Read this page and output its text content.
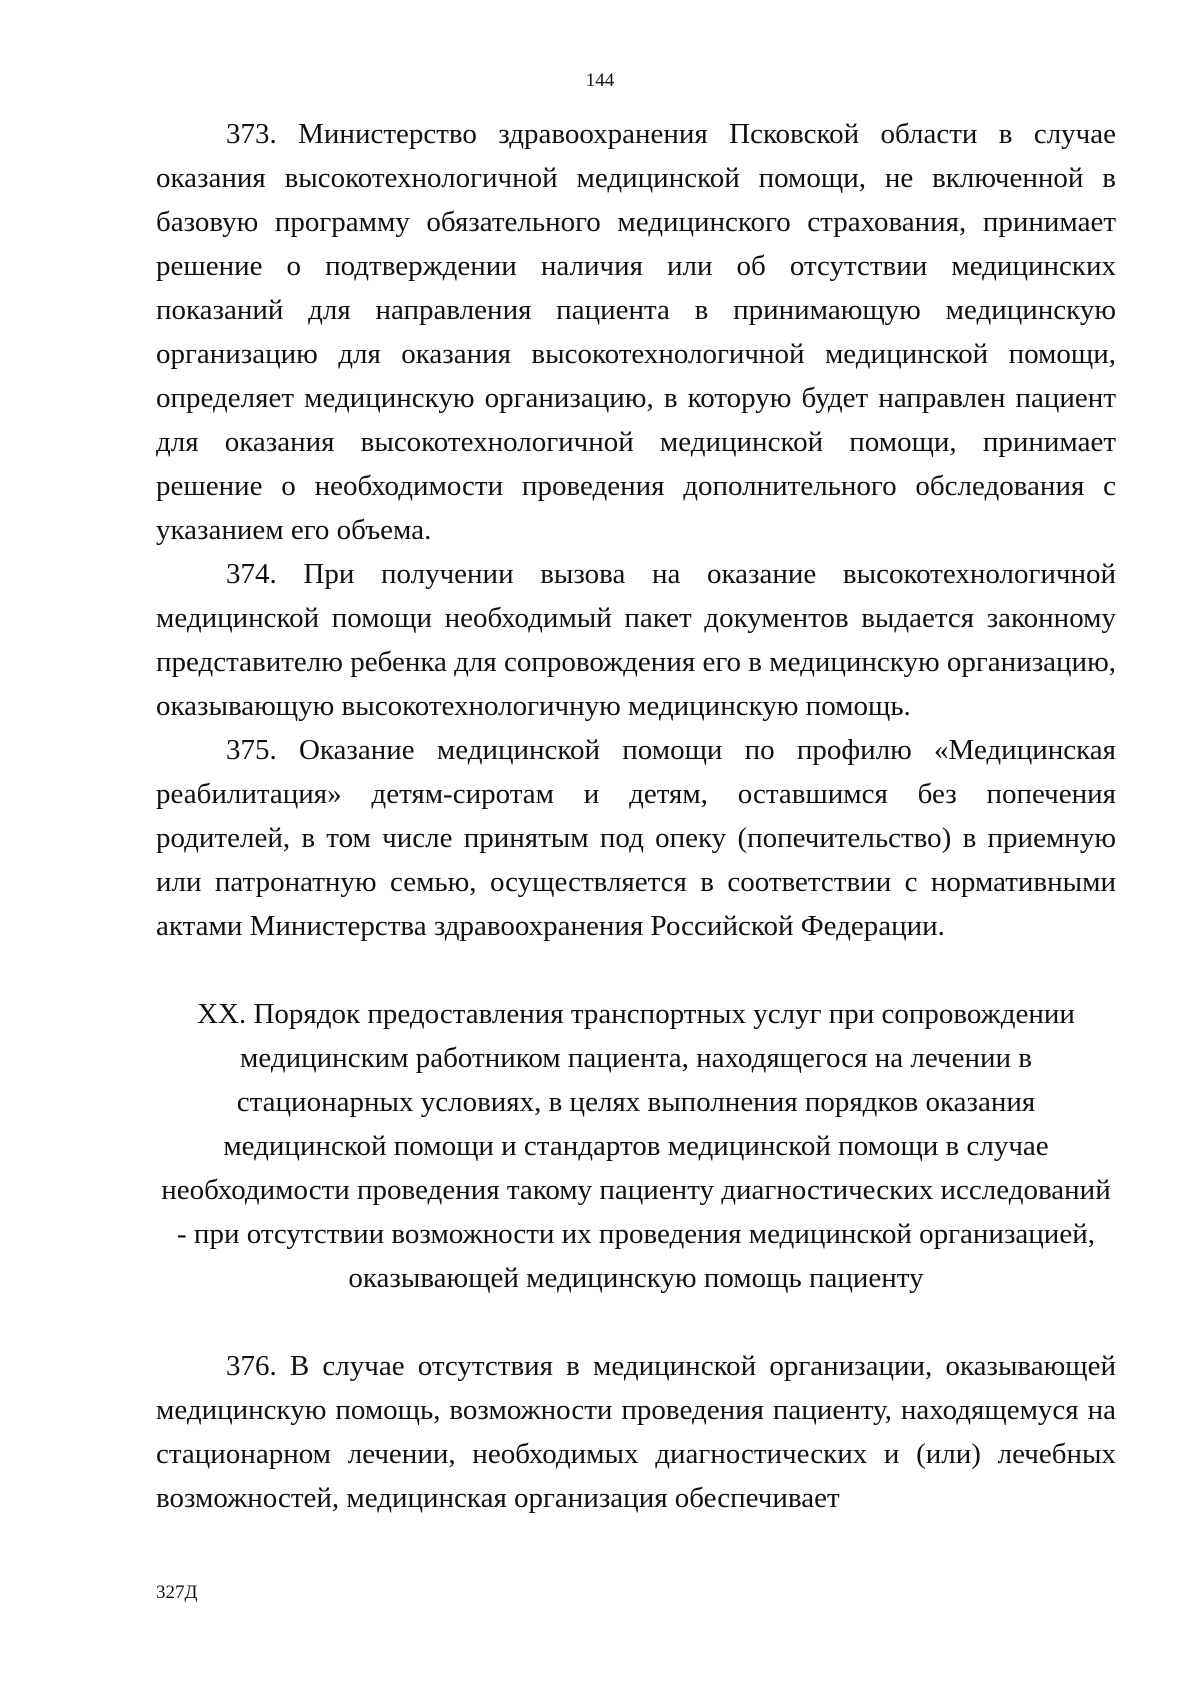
144

373. Министерство здравоохранения Псковской области в случае оказания высокотехнологичной медицинской помощи, не включенной в базовую программу обязательного медицинского страхования, принимает решение о подтверждении наличия или об отсутствии медицинских показаний для направления пациента в принимающую медицинскую организацию для оказания высокотехнологичной медицинской помощи, определяет медицинскую организацию, в которую будет направлен пациент для оказания высокотехнологичной медицинской помощи, принимает решение о необходимости проведения дополнительного обследования с указанием его объема.

374. При получении вызова на оказание высокотехнологичной медицинской помощи необходимый пакет документов выдается законному представителю ребенка для сопровождения его в медицинскую организацию, оказывающую высокотехнологичную медицинскую помощь.

375. Оказание медицинской помощи по профилю «Медицинская реабилитация» детям-сиротам и детям, оставшимся без попечения родителей, в том числе принятым под опеку (попечительство) в приемную или патронатную семью, осуществляется в соответствии с нормативными актами Министерства здравоохранения Российской Федерации.

XX. Порядок предоставления транспортных услуг при сопровождении медицинским работником пациента, находящегося на лечении в стационарных условиях, в целях выполнения порядков оказания медицинской помощи и стандартов медицинской помощи в случае необходимости проведения такому пациенту диагностических исследований - при отсутствии возможности их проведения медицинской организацией, оказывающей медицинскую помощь пациенту

376. В случае отсутствия в медицинской организации, оказывающей медицинскую помощь, возможности проведения пациенту, находящемуся на стационарном лечении, необходимых диагностических и (или) лечебных возможностей, медицинская организация обеспечивает

327Д
